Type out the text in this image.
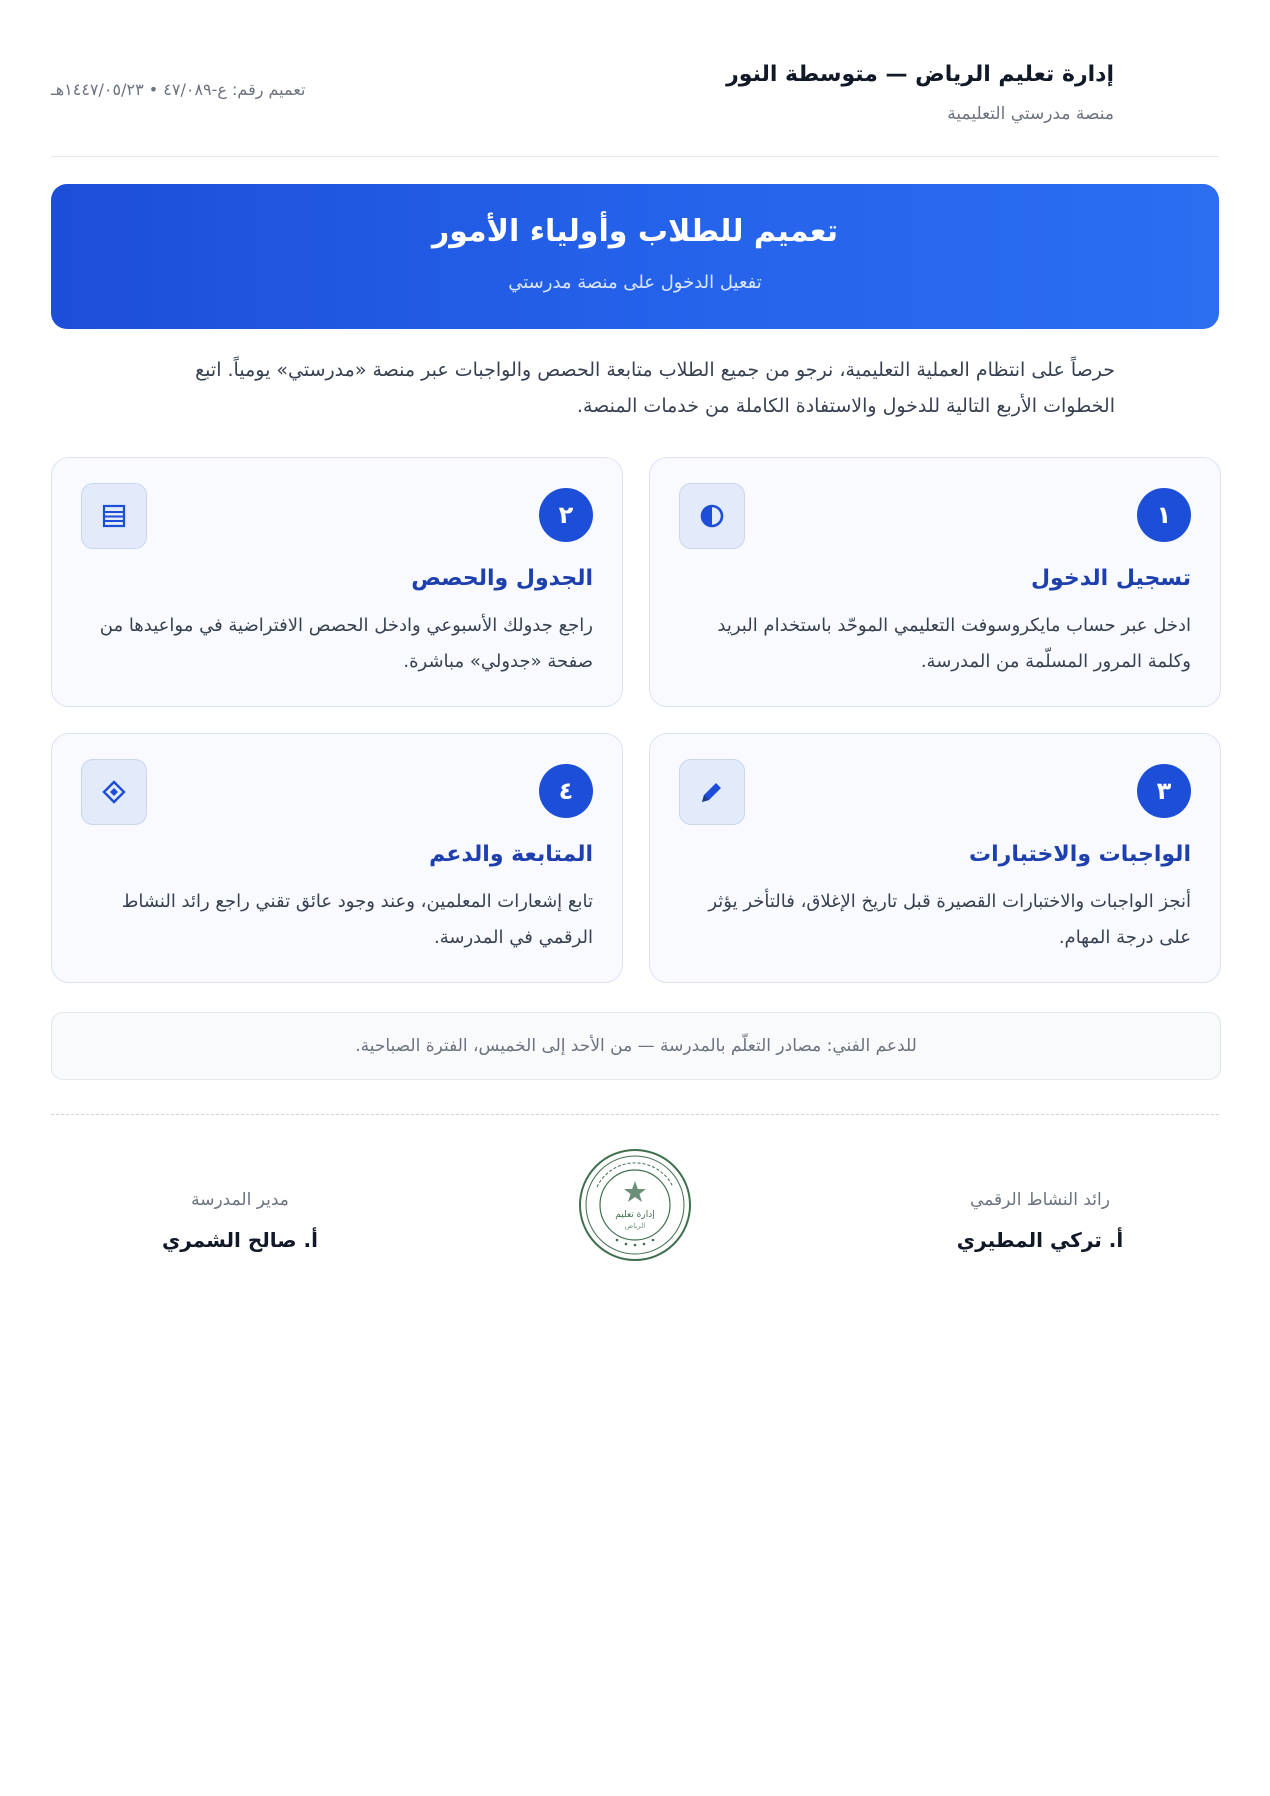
إدارة تعليم الرياض — متوسطة النور
منصة مدرستي التعليمية
تعميم رقم: ع-٤٧/٠٨٩ • ١٤٤٧/٠٥/٢٣هـ
تعميم للطلاب وأولياء الأمور
تفعيل الدخول على منصة مدرستي
حرصاً على انتظام العملية التعليمية، نرجو من جميع الطلاب متابعة الحصص والواجبات عبر منصة «مدرستي» يومياً. اتبع الخطوات الأربع التالية للدخول والاستفادة الكاملة من خدمات المنصة.
١
تسجيل الدخول
ادخل عبر حساب مايكروسوفت التعليمي الموحّد باستخدام البريد وكلمة المرور المسلّمة من المدرسة.
٢
الجدول والحصص
راجع جدولك الأسبوعي وادخل الحصص الافتراضية في مواعيدها من صفحة «جدولي» مباشرة.
٣
الواجبات والاختبارات
أنجز الواجبات والاختبارات القصيرة قبل تاريخ الإغلاق، فالتأخر يؤثر على درجة المهام.
٤
المتابعة والدعم
تابع إشعارات المعلمين، وعند وجود عائق تقني راجع رائد النشاط الرقمي في المدرسة.
للدعم الفني: مصادر التعلّم بالمدرسة — من الأحد إلى الخميس، الفترة الصباحية.
رائد النشاط الرقمي
أ. تركي المطيري
إدارة تعليم
الرياض
مدير المدرسة
أ. صالح الشمري
